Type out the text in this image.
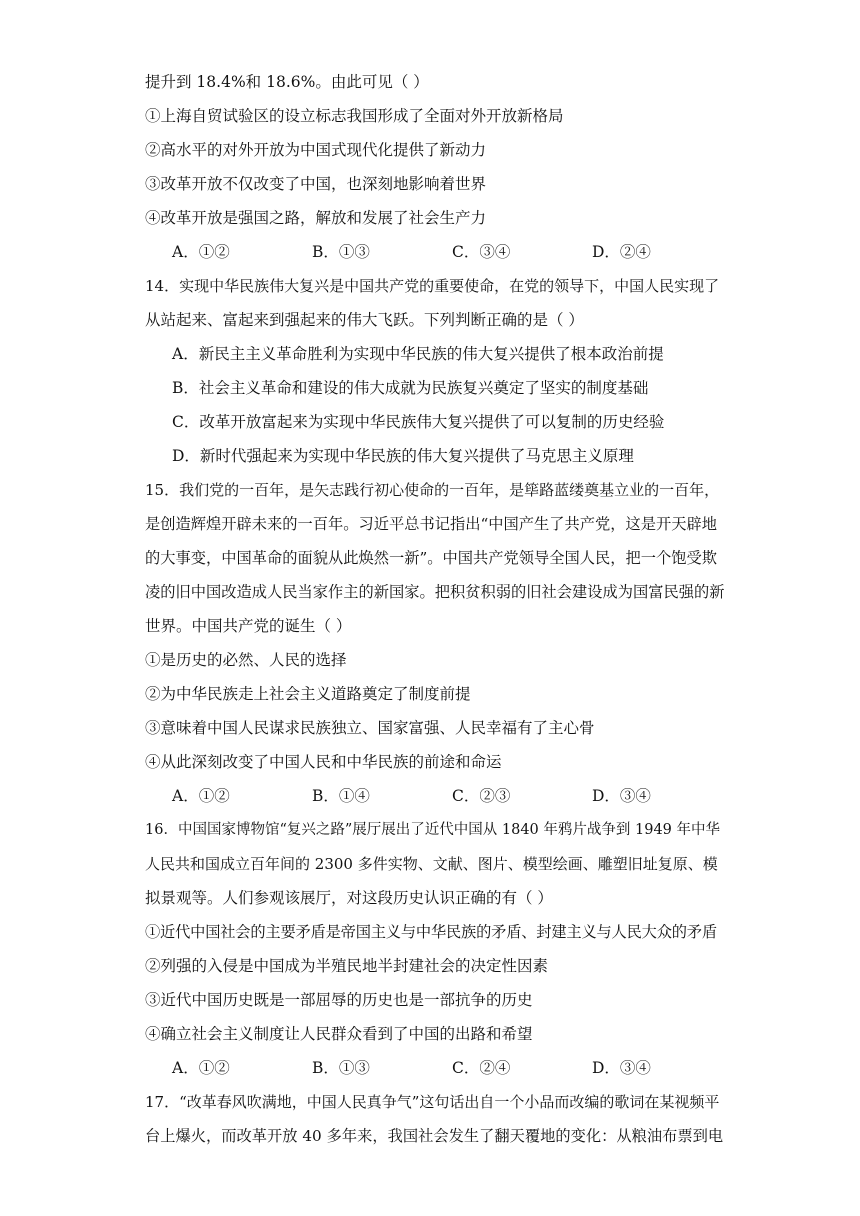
提升到 18.4%和 18.6%。由此可见（ ）
①上海自贸试验区的设立标志我国形成了全面对外开放新格局
②高水平的对外开放为中国式现代化提供了新动力
③改革开放不仅改变了中国，也深刻地影响着世界
④改革开放是强国之路，解放和发展了社会生产力
A．①②	B．①③	C．③④	D．②④
14．实现中华民族伟大复兴是中国共产党的重要使命，在党的领导下，中国人民实现了
从站起来、富起来到强起来的伟大飞跃。下列判断正确的是（ ）
A．新民主主义革命胜利为实现中华民族的伟大复兴提供了根本政治前提
B．社会主义革命和建设的伟大成就为民族复兴奠定了坚实的制度基础
C．改革开放富起来为实现中华民族伟大复兴提供了可以复制的历史经验
D．新时代强起来为实现中华民族的伟大复兴提供了马克思主义原理
15．我们党的一百年，是矢志践行初心使命的一百年，是筚路蓝缕奠基立业的一百年，
是创造辉煌开辟未来的一百年。习近平总书记指出“中国产生了共产党，这是开天辟地
的大事变，中国革命的面貌从此焕然一新”。中国共产党领导全国人民，把一个饱受欺
凌的旧中国改造成人民当家作主的新国家。把积贫积弱的旧社会建设成为国富民强的新
世界。中国共产党的诞生（ ）
①是历史的必然、人民的选择
②为中华民族走上社会主义道路奠定了制度前提
③意味着中国人民谋求民族独立、国家富强、人民幸福有了主心骨
④从此深刻改变了中国人民和中华民族的前途和命运
A．①②	B．①④	C．②③	D．③④
16．中国国家博物馆“复兴之路”展厅展出了近代中国从 1840 年鸦片战争到 1949 年中华
人民共和国成立百年间的 2300 多件实物、文献、图片、模型绘画、雕塑旧址复原、模
拟景观等。人们参观该展厅，对这段历史认识正确的有（ ）
①近代中国社会的主要矛盾是帝国主义与中华民族的矛盾、封建主义与人民大众的矛盾
②列强的入侵是中国成为半殖民地半封建社会的决定性因素
③近代中国历史既是一部屈辱的历史也是一部抗争的历史
④确立社会主义制度让人民群众看到了中国的出路和希望
A．①②	B．①③	C．②④	D．③④
17．“改革春风吹满地，中国人民真争气”这句话出自一个小品而改编的歌词在某视频平
台上爆火，而改革开放 40 多年来，我国社会发生了翻天覆地的变化：从粮油布票到电
